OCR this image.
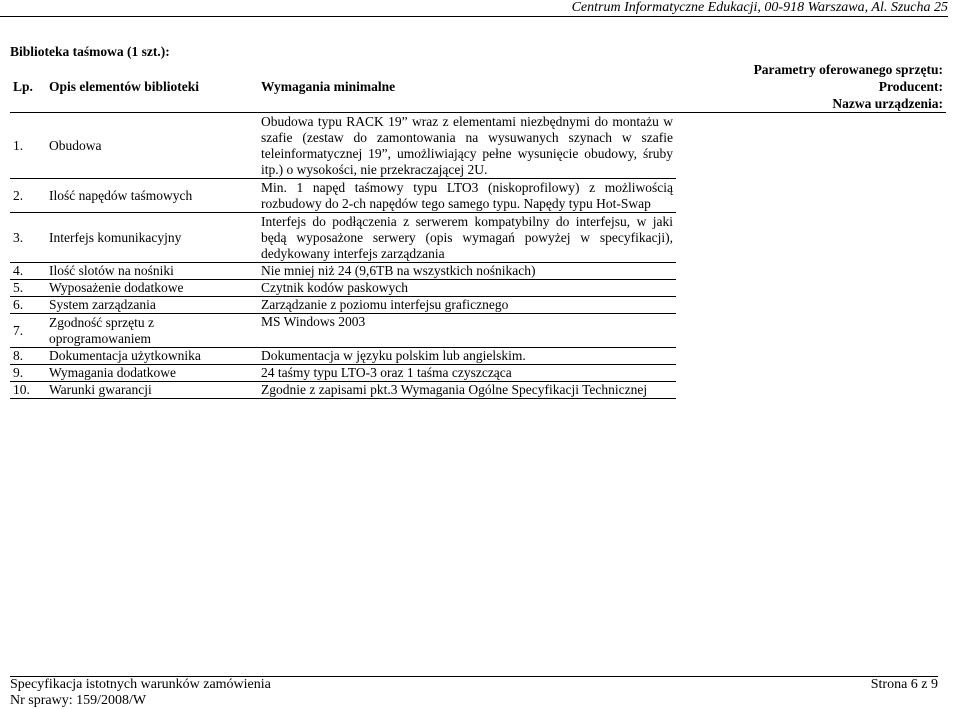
Centrum Informatyczne Edukacji, 00-918 Warszawa, Al. Szucha 25
Biblioteka taśmowa (1 szt.):
Lp.	Opis elementów biblioteki	Wymagania minimalne	Parametry oferowanego sprzętu:
Producent:
Nazwa urządzenia:

1.	Obudowa	Obudowa typu RACK 19” wraz z elementami niezbędnymi do montażu w szafie (zestaw do zamontowania na wysuwanych szynach w szafie teleinformatycznej 19”, umożliwiający pełne wysunięcie obudowy, śruby itp.) o wysokości, nie przekraczającej 2U.	
2.	Ilość napędów taśmowych	Min. 1 napęd taśmowy typu LTO3 (niskoprofilowy) z możliwością rozbudowy do 2-ch napędów tego samego typu. Napędy typu Hot-Swap	
3.	Interfejs komunikacyjny	Interfejs do podłączenia z serwerem kompatybilny do interfejsu, w jaki będą wyposażone serwery (opis wymagań powyżej w specyfikacji), dedykowany interfejs zarządzania	
4.	Ilość slotów na nośniki	Nie mniej niż 24 (9,6TB na wszystkich nośnikach)	
5.	Wyposażenie dodatkowe	Czytnik kodów paskowych	
6.	System zarządzania	Zarządzanie z poziomu interfejsu graficznego	
7.	Zgodność sprzętu z oprogramowaniem	MS Windows 2003	
8.	Dokumentacja użytkownika	Dokumentacja w języku polskim lub angielskim.	
9.	Wymagania dodatkowe	24 taśmy typu LTO-3 oraz 1 taśma czyszcząca	
10.	Warunki gwarancji	Zgodnie z zapisami pkt.3 Wymagania Ogólne Specyfikacji Technicznej	
Specyfikacja istotnych warunków zamówienia
Nr sprawy: 159/2008/W
Strona 6 z 9
